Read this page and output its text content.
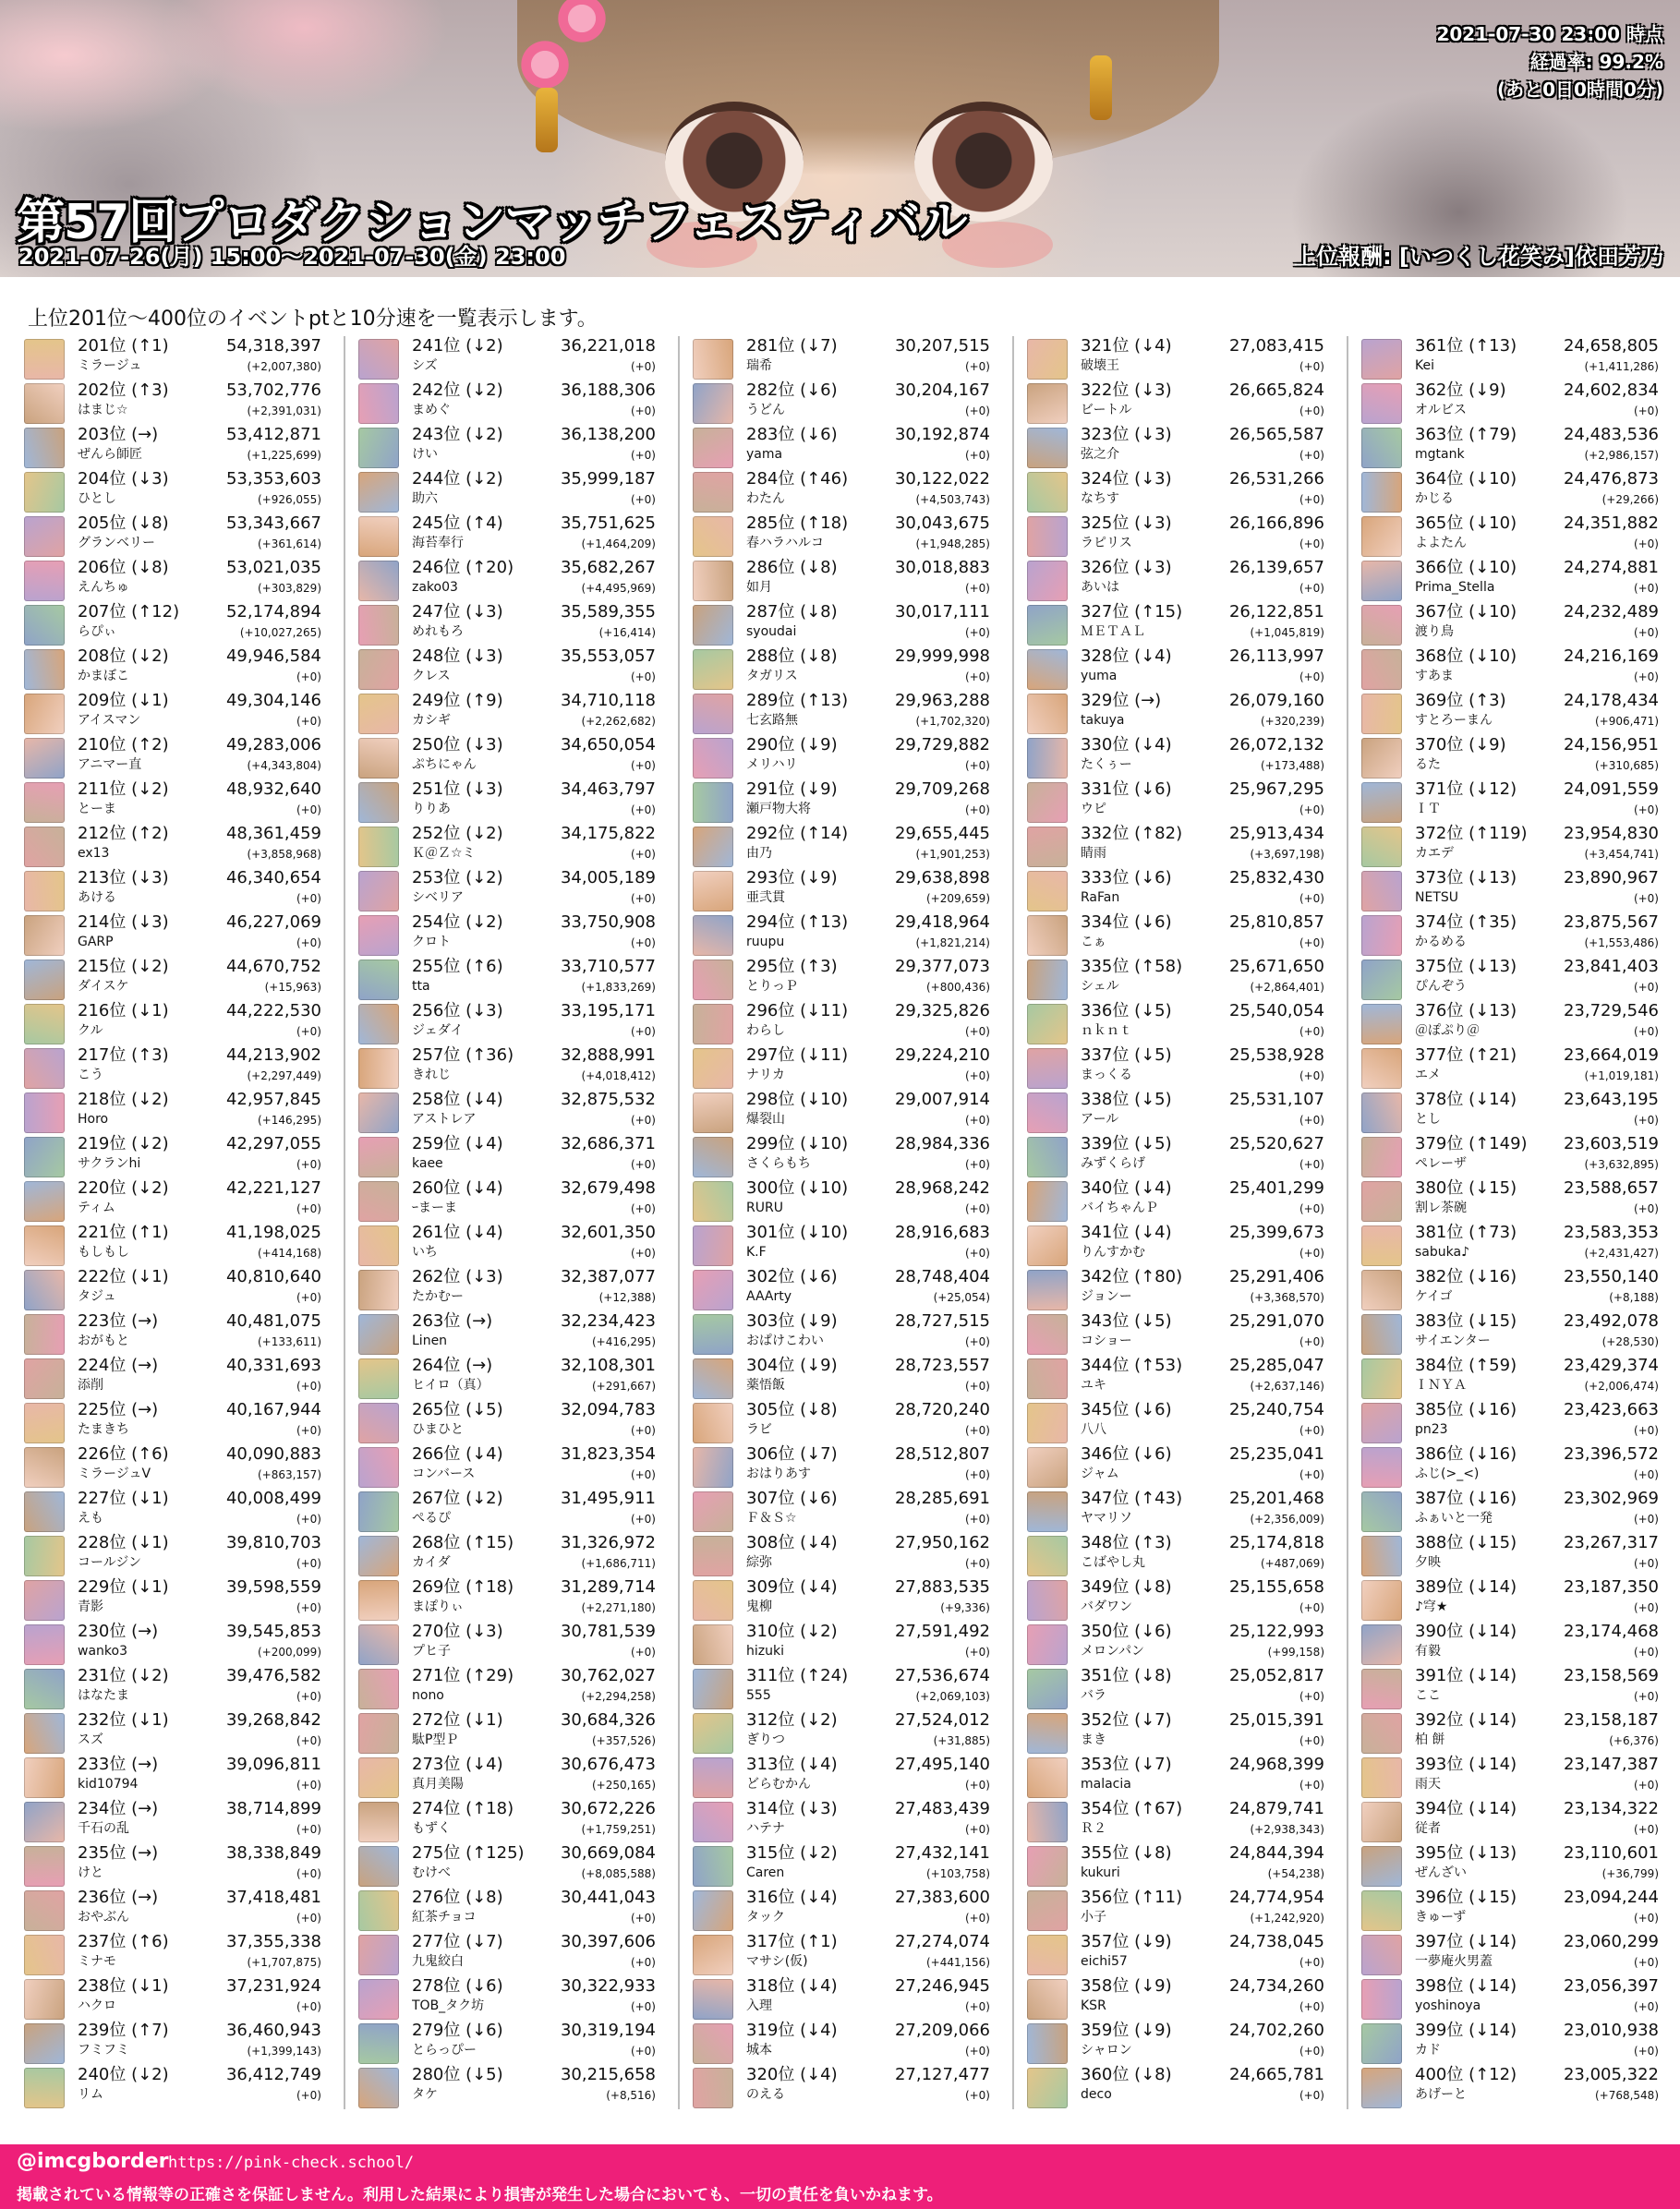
2021-07-30 23:00 時点
経過率: 99.2%
(あと0日0時間0分)
第57回プロダクションマッチフェスティバル
2021-07-26(月) 15:00〜2021-07-30(金) 23:00	上位報酬: [いつくし花笑み]依田芳乃
上位201位〜400位のイベントptと10分速を一覧表示します。
201位 (↑1)	54,318,397
ミラージュ	(+2,007,380)
202位 (↑3)	53,702,776
はまじ☆	(+2,391,031)
203位 (→)	53,412,871
ぜんら師匠	(+1,225,699)
204位 (↓3)	53,353,603
ひとし	(+926,055)
205位 (↓8)	53,343,667
グランベリー	(+361,614)
206位 (↓8)	53,021,035
えんちゅ	(+303,829)
207位 (↑12)	52,174,894
らぴぃ	(+10,027,265)
208位 (↓2)	49,946,584
かまぼこ	(+0)
209位 (↓1)	49,304,146
アイスマン	(+0)
210位 (↑2)	49,283,006
アニマー直	(+4,343,804)
211位 (↓2)	48,932,640
とーま	(+0)
212位 (↑2)	48,361,459
ex13	(+3,858,968)
213位 (↓3)	46,340,654
あける	(+0)
214位 (↓3)	46,227,069
GARP	(+0)
215位 (↓2)	44,670,752
ダイスケ	(+15,963)
216位 (↓1)	44,222,530
クル	(+0)
217位 (↑3)	44,213,902
こう	(+2,297,449)
218位 (↓2)	42,957,845
Horo	(+146,295)
219位 (↓2)	42,297,055
サクランhi	(+0)
220位 (↓2)	42,221,127
ティム	(+0)
221位 (↑1)	41,198,025
もしもし	(+414,168)
222位 (↓1)	40,810,640
タジュ	(+0)
223位 (→)	40,481,075
おがもと	(+133,611)
224位 (→)	40,331,693
添削	(+0)
225位 (→)	40,167,944
たまきち	(+0)
226位 (↑6)	40,090,883
ミラージュV	(+863,157)
227位 (↓1)	40,008,499
えも	(+0)
228位 (↓1)	39,810,703
コールジン	(+0)
229位 (↓1)	39,598,559
青影	(+0)
230位 (→)	39,545,853
wanko3	(+200,099)
231位 (↓2)	39,476,582
はなたま	(+0)
232位 (↓1)	39,268,842
スズ	(+0)
233位 (→)	39,096,811
kid10794	(+0)
234位 (→)	38,714,899
千石の乱	(+0)
235位 (→)	38,338,849
けと	(+0)
236位 (→)	37,418,481
おやぶん	(+0)
237位 (↑6)	37,355,338
ミナモ	(+1,707,875)
238位 (↓1)	37,231,924
ハクロ	(+0)
239位 (↑7)	36,460,943
フミフミ	(+1,399,143)
240位 (↓2)	36,412,749
リム	(+0)
241位 (↓2)	36,221,018
シズ	(+0)
242位 (↓2)	36,188,306
まめぐ	(+0)
243位 (↓2)	36,138,200
けい	(+0)
244位 (↓2)	35,999,187
助六	(+0)
245位 (↑4)	35,751,625
海苔奉行	(+1,464,209)
246位 (↑20)	35,682,267
zako03	(+4,495,969)
247位 (↓3)	35,589,355
めれもろ	(+16,414)
248位 (↓3)	35,553,057
クレス	(+0)
249位 (↑9)	34,710,118
カシギ	(+2,262,682)
250位 (↓3)	34,650,054
ぷちにゃん	(+0)
251位 (↓3)	34,463,797
りりあ	(+0)
252位 (↓2)	34,175,822
Ｋ＠Ｚ☆ミ	(+0)
253位 (↓2)	34,005,189
シベリア	(+0)
254位 (↓2)	33,750,908
クロト	(+0)
255位 (↑6)	33,710,577
tta	(+1,833,269)
256位 (↓3)	33,195,171
ジェダイ	(+0)
257位 (↑36)	32,888,991
きれじ	(+4,018,412)
258位 (↓4)	32,875,532
アストレア	(+0)
259位 (↓4)	32,686,371
kaee	(+0)
260位 (↓4)	32,679,498
ｰまーま	(+0)
261位 (↓4)	32,601,350
いち	(+0)
262位 (↓3)	32,387,077
たかむー	(+12,388)
263位 (→)	32,234,423
Linen	(+416,295)
264位 (→)	32,108,301
ヒイロ（真）	(+291,667)
265位 (↓5)	32,094,783
ひまひと	(+0)
266位 (↓4)	31,823,354
コンバース	(+0)
267位 (↓2)	31,495,911
ぺるぴ	(+0)
268位 (↑15)	31,326,972
カイダ	(+1,686,711)
269位 (↑18)	31,289,714
まぽりぃ	(+2,271,180)
270位 (↓3)	30,781,539
プヒ子	(+0)
271位 (↑29)	30,762,027
nono	(+2,294,258)
272位 (↓1)	30,684,326
駄P型Ｐ	(+357,526)
273位 (↓4)	30,676,473
真月美陽	(+250,165)
274位 (↑18)	30,672,226
もずく	(+1,759,251)
275位 (↑125) 30,669,084
むけべ	(+8,085,588)
276位 (↓8)	30,441,043
紅茶チョコ	(+0)
277位 (↓7)	30,397,606
九鬼絞白	(+0)
278位 (↓6)	30,322,933
TOB_タク坊	(+0)
279位 (↓6)	30,319,194
とらっぴー	(+0)
280位 (↓5)	30,215,658
タケ	(+8,516)
281位 (↓7)	30,207,515
瑞希	(+0)
282位 (↓6)	30,204,167
うどん	(+0)
283位 (↓6)	30,192,874
yama	(+0)
284位 (↑46)	30,122,022
わたん	(+4,503,743)
285位 (↑18)	30,043,675
春ハラハルコ	(+1,948,285)
286位 (↓8)	30,018,883
如月	(+0)
287位 (↓8)	30,017,111
syoudai	(+0)
288位 (↓8)	29,999,998
タガリス	(+0)
289位 (↑13)	29,963,288
七玄路無	(+1,702,320)
290位 (↓9)	29,729,882
メリハリ	(+0)
291位 (↓9)	29,709,268
瀬戸物大将	(+0)
292位 (↑14)	29,655,445
由乃	(+1,901,253)
293位 (↓9)	29,638,898
亜弐貫	(+209,659)
294位 (↑13)	29,418,964
ruupu	(+1,821,214)
295位 (↑3)	29,377,073
とりっＰ	(+800,436)
296位 (↓11)	29,325,826
わらし	(+0)
297位 (↓11)	29,224,210
ナリカ	(+0)
298位 (↓10)	29,007,914
爆裂山	(+0)
299位 (↓10)	28,984,336
さくらもち	(+0)
300位 (↓10)	28,968,242
RURU	(+0)
301位 (↓10)	28,916,683
K.F	(+0)
302位 (↓6)	28,748,404
AAArty	(+25,054)
303位 (↓9)	28,727,515
おぱけこわい	(+0)
304位 (↓9)	28,723,557
薬悟飯	(+0)
305位 (↓8)	28,720,240
ラビ	(+0)
306位 (↓7)	28,512,807
おはりあす	(+0)
307位 (↓6)	28,285,691
Ｆ＆Ｓ☆	(+0)
308位 (↓4)	27,950,162
綜弥	(+0)
309位 (↓4)	27,883,535
鬼柳	(+9,336)
310位 (↓2)	27,591,492
hizuki	(+0)
311位 (↑24)	27,536,674
555	(+2,069,103)
312位 (↓2)	27,524,012
ぎりつ	(+31,885)
313位 (↓4)	27,495,140
どらむかん	(+0)
314位 (↓3)	27,483,439
ハテナ	(+0)
315位 (↓2)	27,432,141
Caren	(+103,758)
316位 (↓4)	27,383,600
タック	(+0)
317位 (↑1)	27,274,074
マサシ(仮)	(+441,156)
318位 (↓4)	27,246,945
入理	(+0)
319位 (↓4)	27,209,066
城本	(+0)
320位 (↓4)	27,127,477
のえる	(+0)
321位 (↓4)	27,083,415
破壊王	(+0)
322位 (↓3)	26,665,824
ビートル	(+0)
323位 (↓3)	26,565,587
弦之介	(+0)
324位 (↓3)	26,531,266
なちす	(+0)
325位 (↓3)	26,166,896
ラピリス	(+0)
326位 (↓3)	26,139,657
あいは	(+0)
327位 (↑15)	26,122,851
ＭＥＴＡＬ	(+1,045,819)
328位 (↓4)	26,113,997
yuma	(+0)
329位 (→)	26,079,160
takuya	(+320,239)
330位 (↓4)	26,072,132
たくぅー	(+173,488)
331位 (↓6)	25,967,295
ウピ	(+0)
332位 (↑82)	25,913,434
睛雨	(+3,697,198)
333位 (↓6)	25,832,430
RaFan	(+0)
334位 (↓6)	25,810,857
こぁ	(+0)
335位 (↑58)	25,671,650
シェル	(+2,864,401)
336位 (↓5)	25,540,054
ｎｋｎｔ	(+0)
337位 (↓5)	25,538,928
まっくる	(+0)
338位 (↓5)	25,531,107
アール	(+0)
339位 (↓5)	25,520,627
みずくらげ	(+0)
340位 (↓4)	25,401,299
バイちゃんＰ	(+0)
341位 (↓4)	25,399,673
りんすかむ	(+0)
342位 (↑80)	25,291,406
ジョンー	(+3,368,570)
343位 (↓5)	25,291,070
コショー	(+0)
344位 (↑53)	25,285,047
ユキ	(+2,637,146)
345位 (↓6)	25,240,754
八八	(+0)
346位 (↓6)	25,235,041
ジャム	(+0)
347位 (↑43)	25,201,468
ヤマリソ	(+2,356,009)
348位 (↑3)	25,174,818
こばやし丸	(+487,069)
349位 (↓8)	25,155,658
バダワン	(+0)
350位 (↓6)	25,122,993
メロンパン	(+99,158)
351位 (↓8)	25,052,817
バラ	(+0)
352位 (↓7)	25,015,391
まき	(+0)
353位 (↓7)	24,968,399
malacia	(+0)
354位 (↑67)	24,879,741
Ｒ２	(+2,938,343)
355位 (↓8)	24,844,394
kukuri	(+54,238)
356位 (↑11)	24,774,954
小子	(+1,242,920)
357位 (↓9)	24,738,045
eichi57	(+0)
358位 (↓9)	24,734,260
KSR	(+0)
359位 (↓9)	24,702,260
シャロン	(+0)
360位 (↓8)	24,665,781
deco	(+0)
361位 (↑13)	24,658,805
Kei	(+1,411,286)
362位 (↓9)	24,602,834
オルビス	(+0)
363位 (↑79)	24,483,536
mgtank	(+2,986,157)
364位 (↓10)	24,476,873
かじる	(+29,266)
365位 (↓10)	24,351,882
よよたん	(+0)
366位 (↓10)	24,274,881
Prima_Stella	(+0)
367位 (↓10)	24,232,489
渡り鳥	(+0)
368位 (↓10)	24,216,169
すあま	(+0)
369位 (↑3)	24,178,434
すとろーまん	(+906,471)
370位 (↓9)	24,156,951
るた	(+310,685)
371位 (↓12)	24,091,559
ＩＴ	(+0)
372位 (↑119) 23,954,830
カエデ	(+3,454,741)
373位 (↓13)	23,890,967
NETSU	(+0)
374位 (↑35)	23,875,567
かるめる	(+1,553,486)
375位 (↓13)	23,841,403
ぴんぞう	(+0)
376位 (↓13)	23,729,546
＠ぽぷり＠	(+0)
377位 (↑21)	23,664,019
エメ	(+1,019,181)
378位 (↓14)	23,643,195
とし	(+0)
379位 (↑149) 23,603,519
ペレーザ	(+3,632,895)
380位 (↓15)	23,588,657
割レ茶碗	(+0)
381位 (↑73)	23,583,353
sabuka♪	(+2,431,427)
382位 (↓16)	23,550,140
ケイゴ	(+8,188)
383位 (↓15)	23,492,078
サイエンター	(+28,530)
384位 (↑59)	23,429,374
ＩＮＹＡ	(+2,006,474)
385位 (↓16)	23,423,663
pn23	(+0)
386位 (↓16)	23,396,572
ふじ(>_<)	(+0)
387位 (↓16)	23,302,969
ふぁいと一発	(+0)
388位 (↓15)	23,267,317
夕映	(+0)
389位 (↓14)	23,187,350
♪穹★	(+0)
390位 (↓14)	23,174,468
有毅	(+0)
391位 (↓14)	23,158,569
ここ	(+0)
392位 (↓14)	23,158,187
柏 餅	(+6,376)
393位 (↓14)	23,147,387
雨天	(+0)
394位 (↓14)	23,134,322
従者	(+0)
395位 (↓13)	23,110,601
ぜんざい	(+36,799)
396位 (↓15)	23,094,244
きゅーず	(+0)
397位 (↓14)	23,060,299
一夢庵火男蓋	(+0)
398位 (↓14)	23,056,397
yoshinoya	(+0)
399位 (↓14)	23,010,938
カド	(+0)
400位 (↑12)	23,005,322
あげーと	(+768,548)
@imcgborder https://pink-check.school/
掲載されている情報等の正確さを保証しません。利用した結果により損害が発生した場合においても、一切の責任を負いかねます。
